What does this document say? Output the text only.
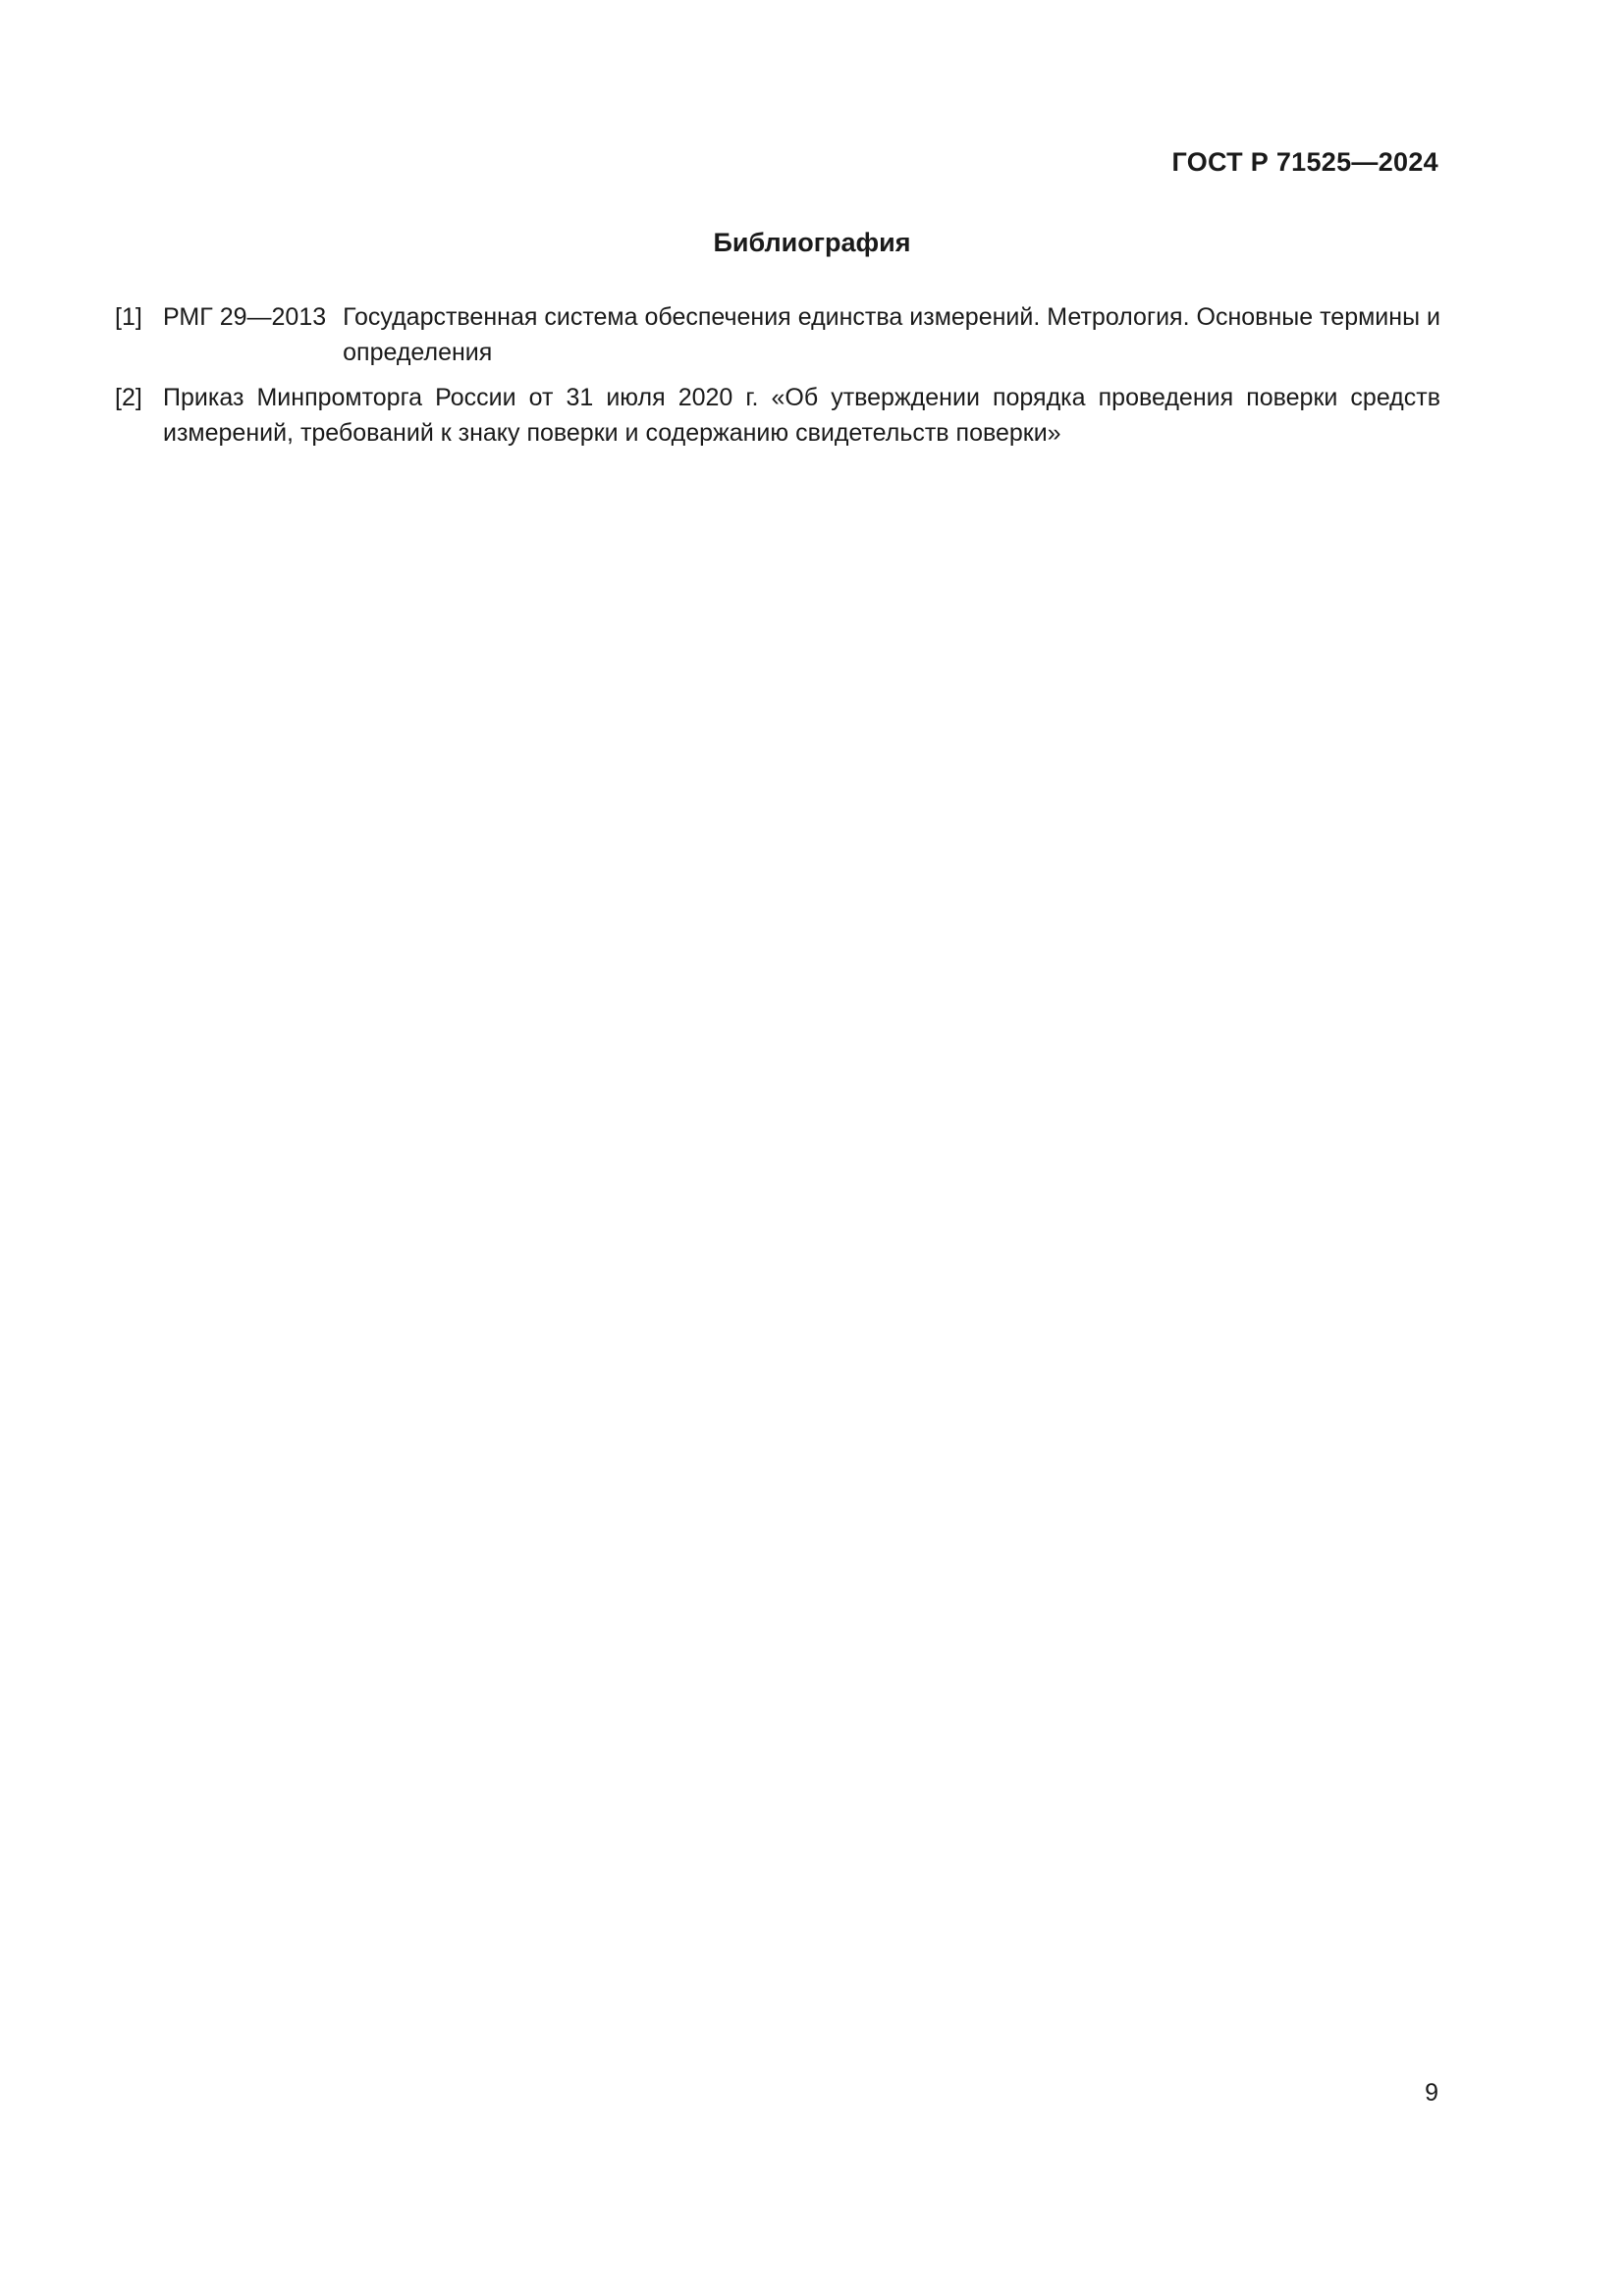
ГОСТ Р 71525—2024
Библиография
[1] РМГ 29—2013 Государственная система обеспечения единства измерений. Метрология. Основные термины и определения
[2] Приказ Минпромторга России от 31 июля 2020 г. «Об утверждении порядка проведения поверки средств измерений, требований к знаку поверки и содержанию свидетельств поверки»
9
